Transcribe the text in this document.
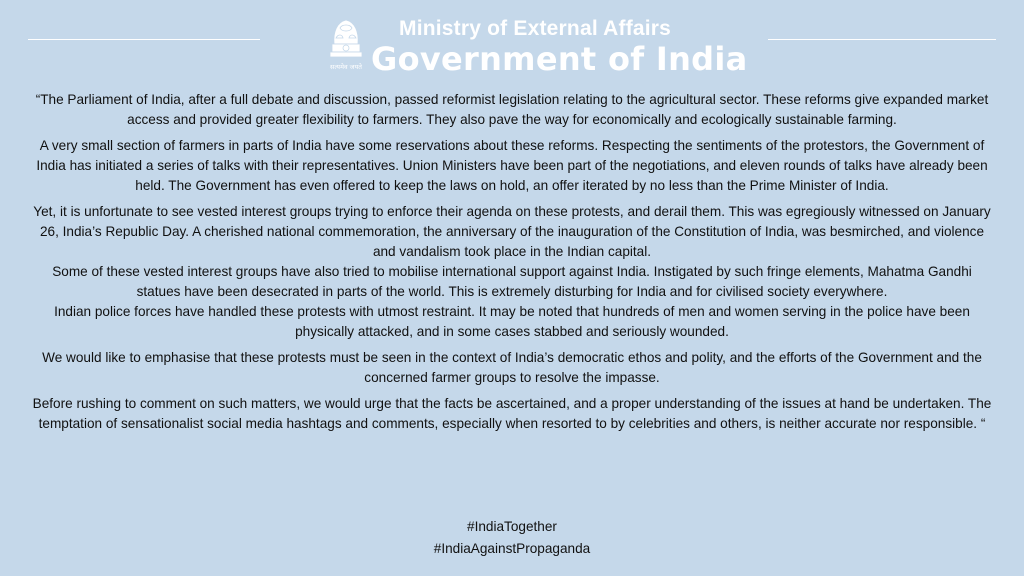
सत्यमेव जयते
Ministry of External Affairs
Government of India

“The Parliament of India, after a full debate and discussion, passed reformist legislation relating to the agricultural sector. These reforms give expanded market access and provided greater flexibility to farmers. They also pave the way for economically and ecologically sustainable farming.

A very small section of farmers in parts of India have some reservations about these reforms. Respecting the sentiments of the protestors, the Government of India has initiated a series of talks with their representatives. Union Ministers have been part of the negotiations, and eleven rounds of talks have already been held. The Government has even offered to keep the laws on hold, an offer iterated by no less than the Prime Minister of India.

Yet, it is unfortunate to see vested interest groups trying to enforce their agenda on these protests, and derail them. This was egregiously witnessed on January 26, India’s Republic Day. A cherished national commemoration, the anniversary of the inauguration of the Constitution of India, was besmirched, and violence and vandalism took place in the Indian capital.

Some of these vested interest groups have also tried to mobilise international support against India. Instigated by such fringe elements, Mahatma Gandhi statues have been desecrated in parts of the world. This is extremely disturbing for India and for civilised society everywhere.

Indian police forces have handled these protests with utmost restraint. It may be noted that hundreds of men and women serving in the police have been physically attacked, and in some cases stabbed and seriously wounded.

We would like to emphasise that these protests must be seen in the context of India’s democratic ethos and polity, and the efforts of the Government and the concerned farmer groups to resolve the impasse.

Before rushing to comment on such matters, we would urge that the facts be ascertained, and a proper understanding of the issues at hand be undertaken. The temptation of sensationalist social media hashtags and comments, especially when resorted to by celebrities and others, is neither accurate nor responsible. “

#IndiaTogether
#IndiaAgainstPropaganda
